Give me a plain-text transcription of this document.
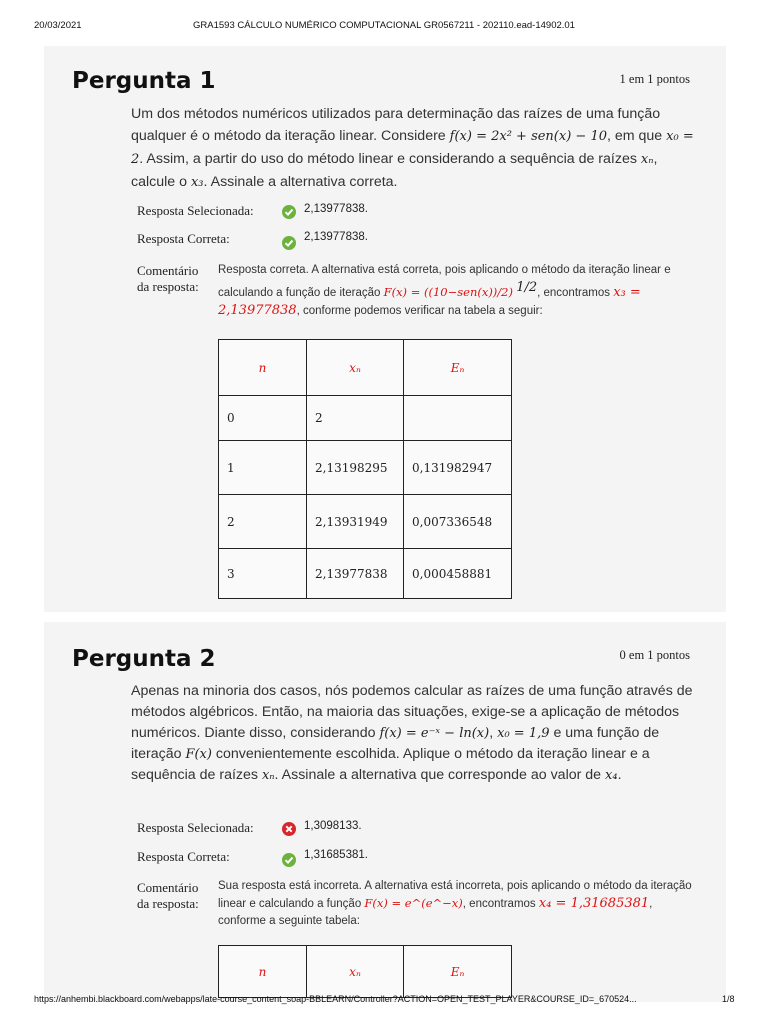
20/03/2021	GRA1593 CÁLCULO NUMÉRICO COMPUTACIONAL GR0567211 - 202110.ead-14902.01
Pergunta 1	1 em 1 pontos
Um dos métodos numéricos utilizados para determinação das raízes de uma função qualquer é o método da iteração linear. Considere f(x) = 2x² + sen(x) − 10, em que x₀ = 2. Assim, a partir do uso do método linear e considerando a sequência de raízes xₙ, calcule o x₃. Assinale a alternativa correta.
Resposta Selecionada:	2,13977838.
Resposta Correta:	2,13977838.
Comentário
da resposta:
Resposta correta. A alternativa está correta, pois aplicando o método da iteração linear e calculando a função de iteração F(x) = ((10−sen(x))/2) $^{1/2}$, encontramos x₃ = 2,13977838, conforme podemos verificar na tabela a seguir:
n	xₙ	Eₙ
0	2	
1	2,13198295	0,131982947
2	2,13931949	0,007336548
3	2,13977838	0,000458881
Pergunta 2	0 em 1 pontos
Apenas na minoria dos casos, nós podemos calcular as raízes de uma função através de métodos algébricos. Então, na maioria das situações, exige-se a aplicação de métodos numéricos. Diante disso, considerando f(x) = e⁻ˣ − ln(x), x₀ = 1,9 e uma função de iteração F(x) convenientemente escolhida. Aplique o método da iteração linear e a sequência de raízes xₙ. Assinale a alternativa que corresponde ao valor de x₄.
Resposta Selecionada:	1,3098133.
Resposta Correta:	1,31685381.
Comentário
da resposta:
Sua resposta está incorreta. A alternativa está incorreta, pois aplicando o método da iteração linear e calculando a função F(x) = e^(e^−x), encontramos x₄ = 1,31685381, conforme a seguinte tabela:
n	xₙ	Eₙ
https://anhembi.blackboard.com/webapps/late-course_content_soap-BBLEARN/Controller?ACTION=OPEN_TEST_PLAYER&COURSE_ID=_670524...	1/8
